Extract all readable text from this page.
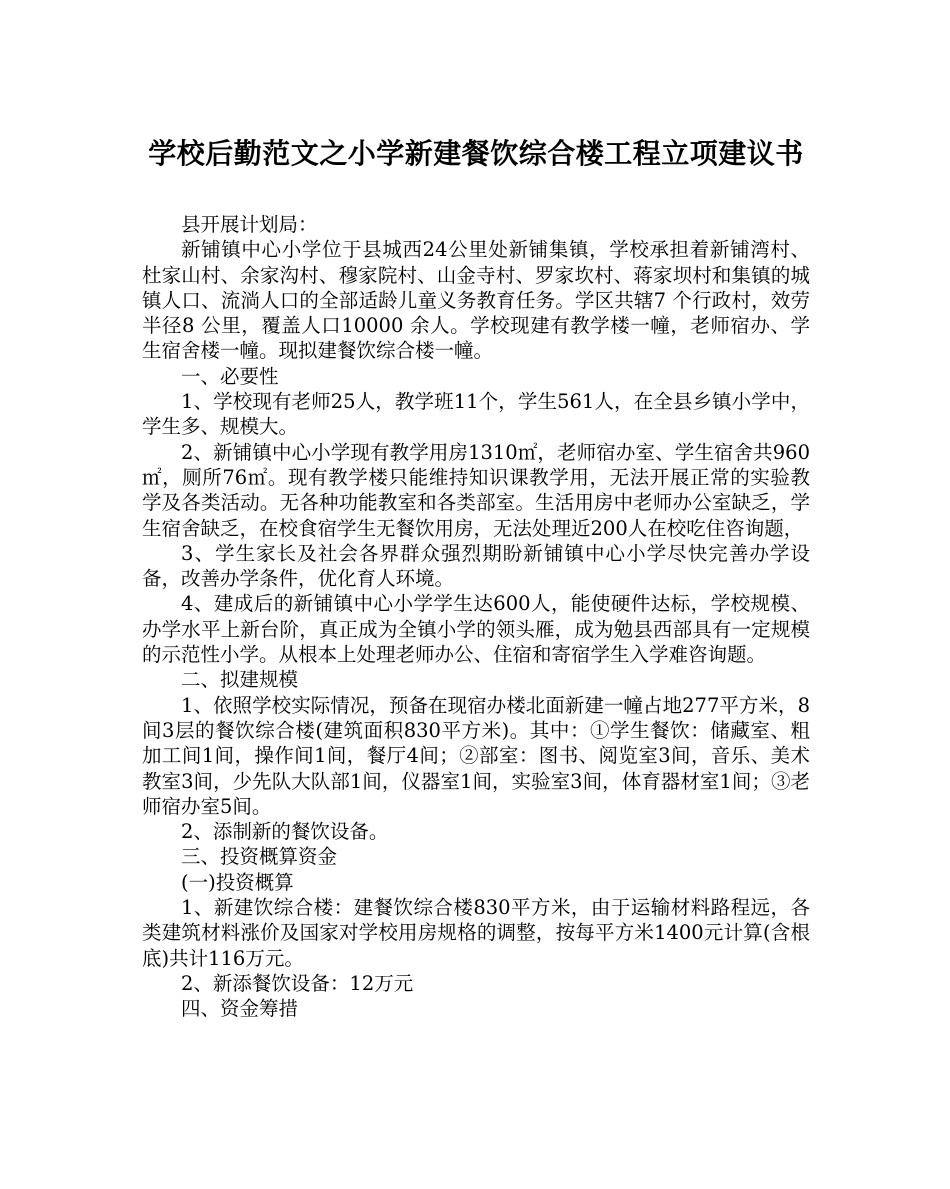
学校后勤范文之小学新建餐饮综合楼工程立项建议书

县开展计划局：

新铺镇中心小学位于县城西24公里处新铺集镇，学校承担着新铺湾村、杜家山村、余家沟村、穆家院村、山金寺村、罗家坎村、蒋家坝村和集镇的城镇人口、流淌人口的全部适龄儿童义务教育任务。学区共辖7 个行政村，效劳半径8 公里，覆盖人口10000 余人。学校现建有教学楼一幢，老师宿办、学生宿舍楼一幢。现拟建餐饮综合楼一幢。

一、必要性

1、学校现有老师25人，教学班11个，学生561人，在全县乡镇小学中，学生多、规模大。

2、新铺镇中心小学现有教学用房1310㎡，老师宿办室、学生宿舍共960㎡，厕所76㎡。现有教学楼只能维持知识课教学用，无法开展正常的实验教学及各类活动。无各种功能教室和各类部室。生活用房中老师办公室缺乏，学生宿舍缺乏，在校食宿学生无餐饮用房，无法处理近200人在校吃住咨询题，

3、学生家长及社会各界群众强烈期盼新铺镇中心小学尽快完善办学设备，改善办学条件，优化育人环境。

4、建成后的新铺镇中心小学学生达600人，能使硬件达标，学校规模、办学水平上新台阶，真正成为全镇小学的领头雁，成为勉县西部具有一定规模的示范性小学。从根本上处理老师办公、住宿和寄宿学生入学难咨询题。

二、拟建规模

1、依照学校实际情况，预备在现宿办楼北面新建一幢占地277平方米，8间3层的餐饮综合楼(建筑面积830平方米)。其中：①学生餐饮：储藏室、粗加工间1间，操作间1间，餐厅4间；②部室：图书、阅览室3间，音乐、美术教室3间，少先队大队部1间，仪器室1间，实验室3间，体育器材室1间；③老师宿办室5间。

2、添制新的餐饮设备。

三、投资概算资金

(一)投资概算

1、新建饮综合楼：建餐饮综合楼830平方米，由于运输材料路程远，各类建筑材料涨价及国家对学校用房规格的调整，按每平方米1400元计算(含根底)共计116万元。

2、新添餐饮设备：12万元

四、资金筹措
